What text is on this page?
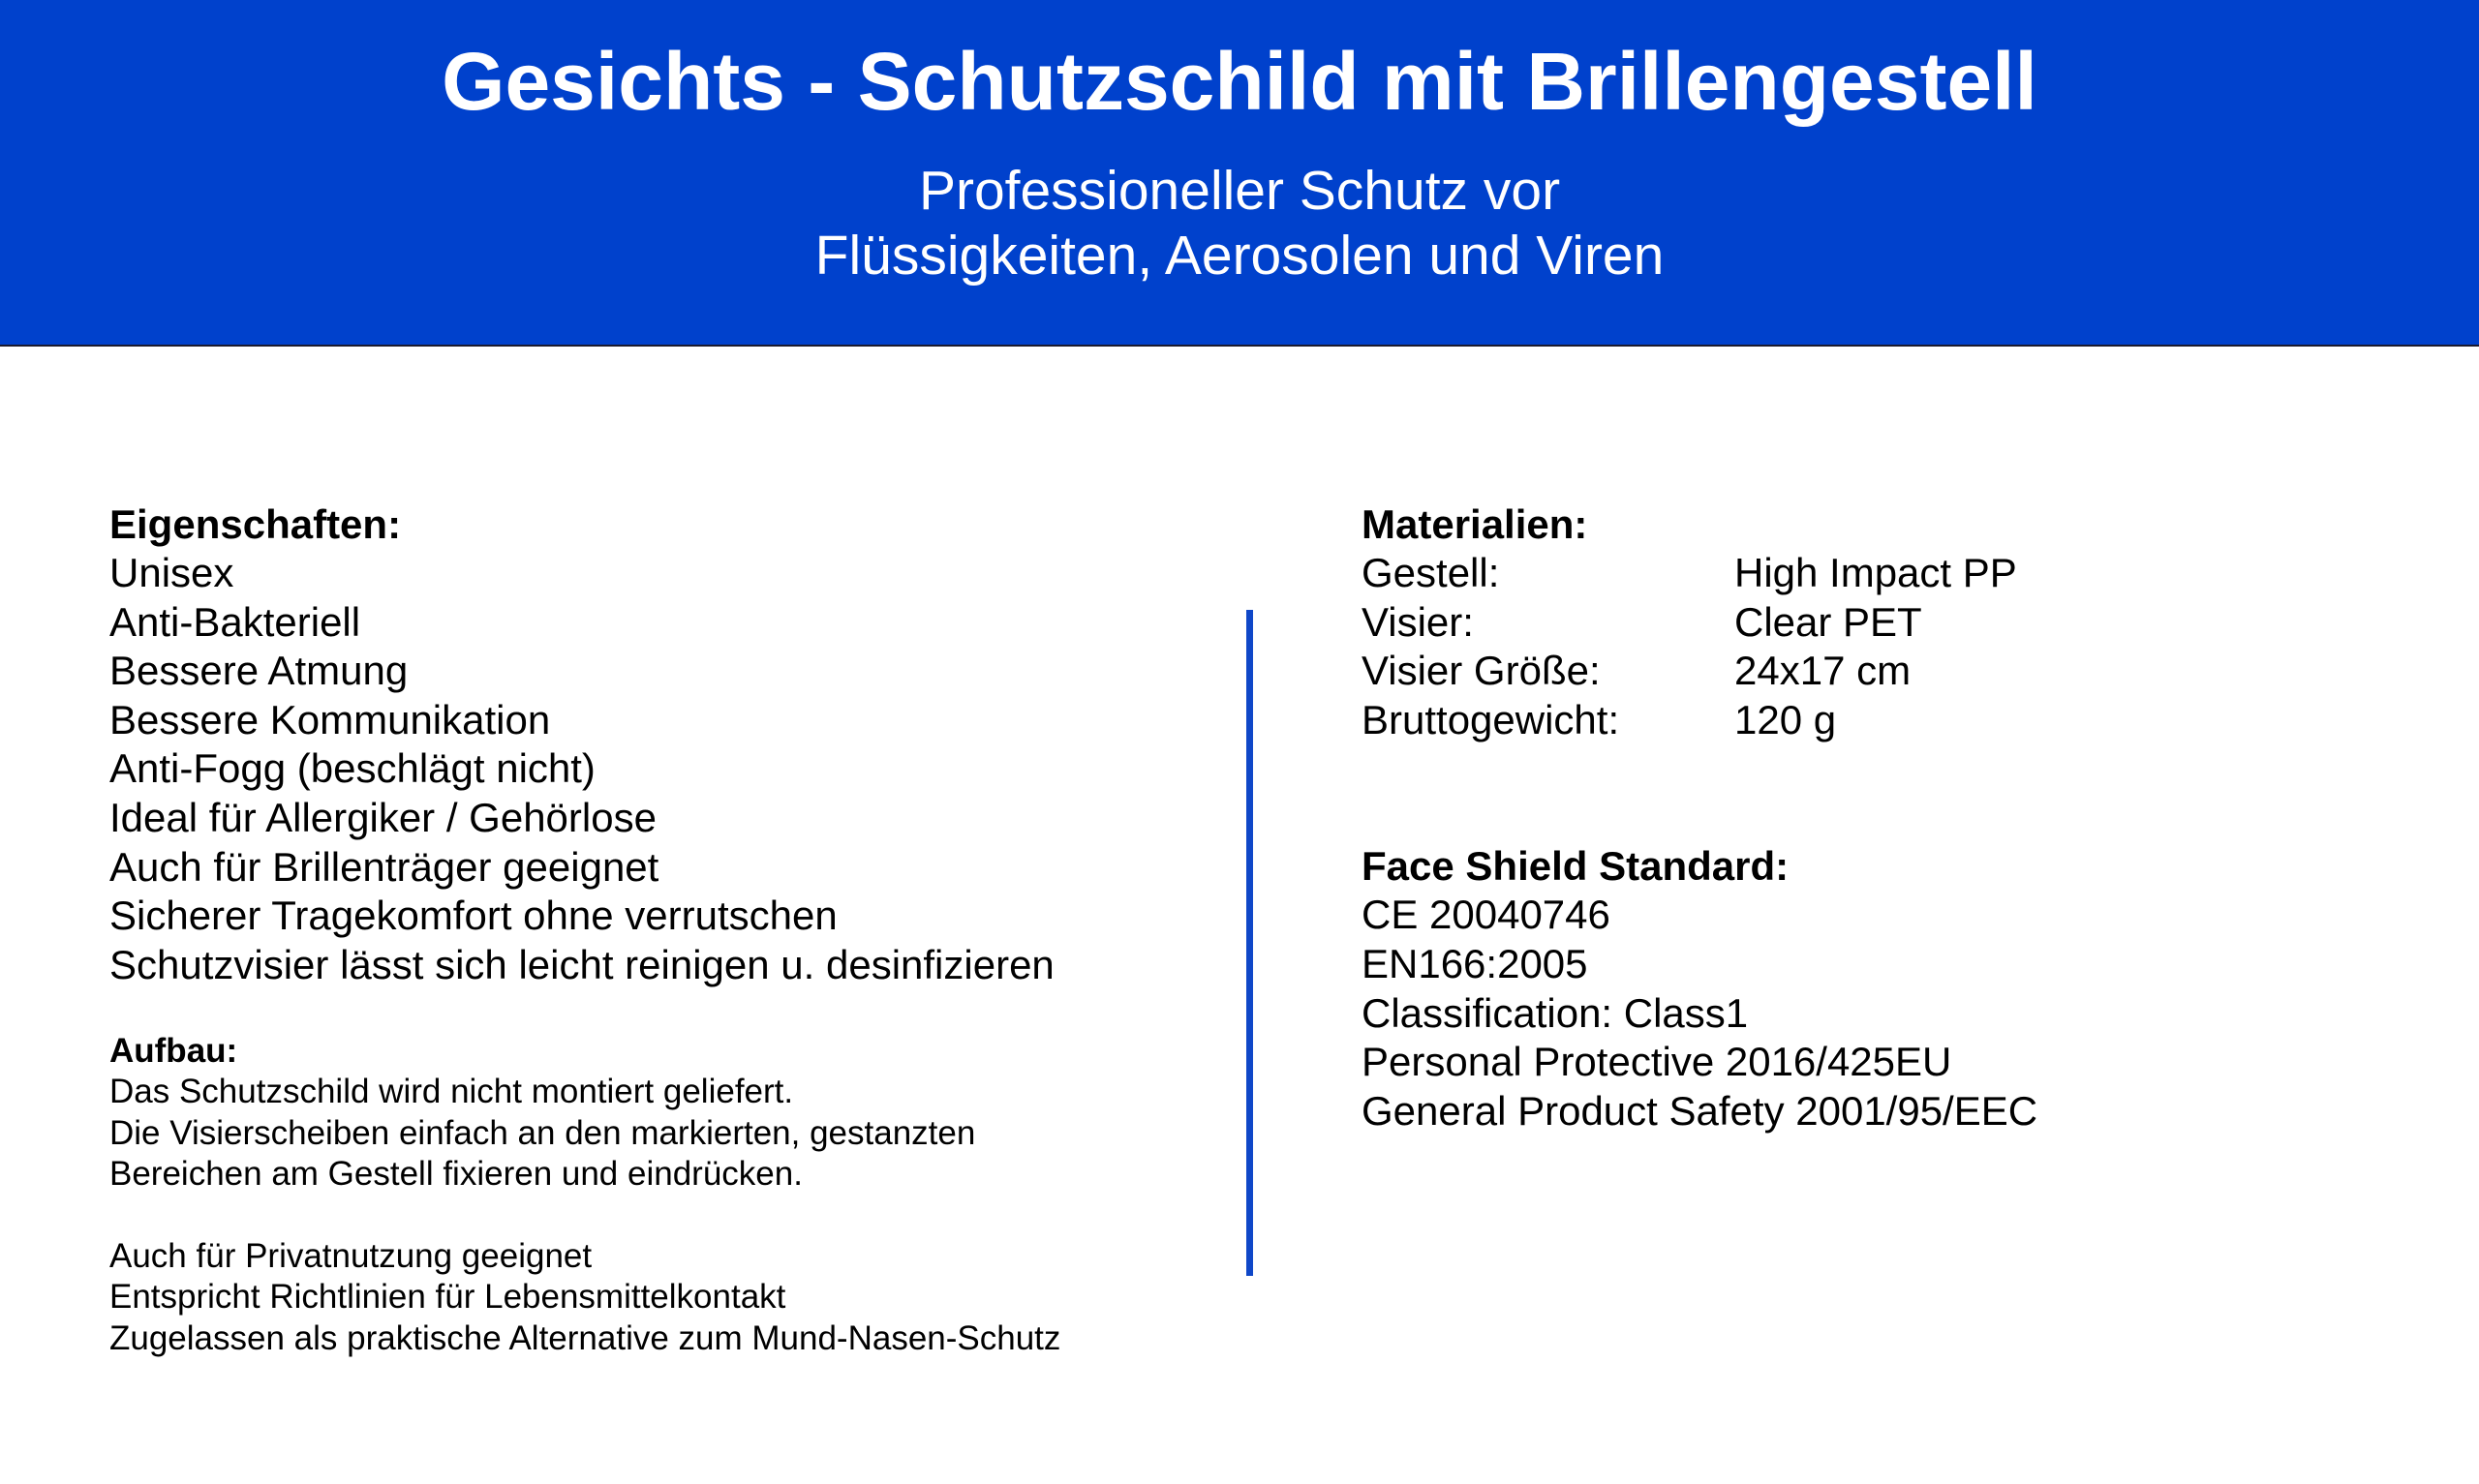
Gesichts - Schutzschild mit Brillengestell
Professioneller Schutz vor
Flüssigkeiten, Aerosolen und Viren
Eigenschaften:
Unisex
Anti-Bakteriell
Bessere Atmung
Bessere Kommunikation
Anti-Fogg (beschlägt nicht)
Ideal für Allergiker / Gehörlose
Auch für Brillenträger geeignet
Sicherer Tragekomfort ohne verrutschen
Schutzvisier lässt sich leicht reinigen u. desinfizieren
Aufbau:
Das Schutzschild wird nicht montiert geliefert.
Die Visierscheiben einfach an den markierten, gestanzten
Bereichen am Gestell fixieren und eindrücken.
Auch für Privatnutzung geeignet
Entspricht Richtlinien für Lebensmittelkontakt
Zugelassen als praktische Alternative zum Mund-Nasen-Schutz
Materialien:
Gestell:	High Impact PP
Visier:	Clear PET
Visier Größe:	24x17 cm
Bruttogewicht:	120 g
Face Shield Standard:
CE 20040746
EN166:2005
Classification: Class1
Personal Protective 2016/425EU
General Product Safety 2001/95/EEC
